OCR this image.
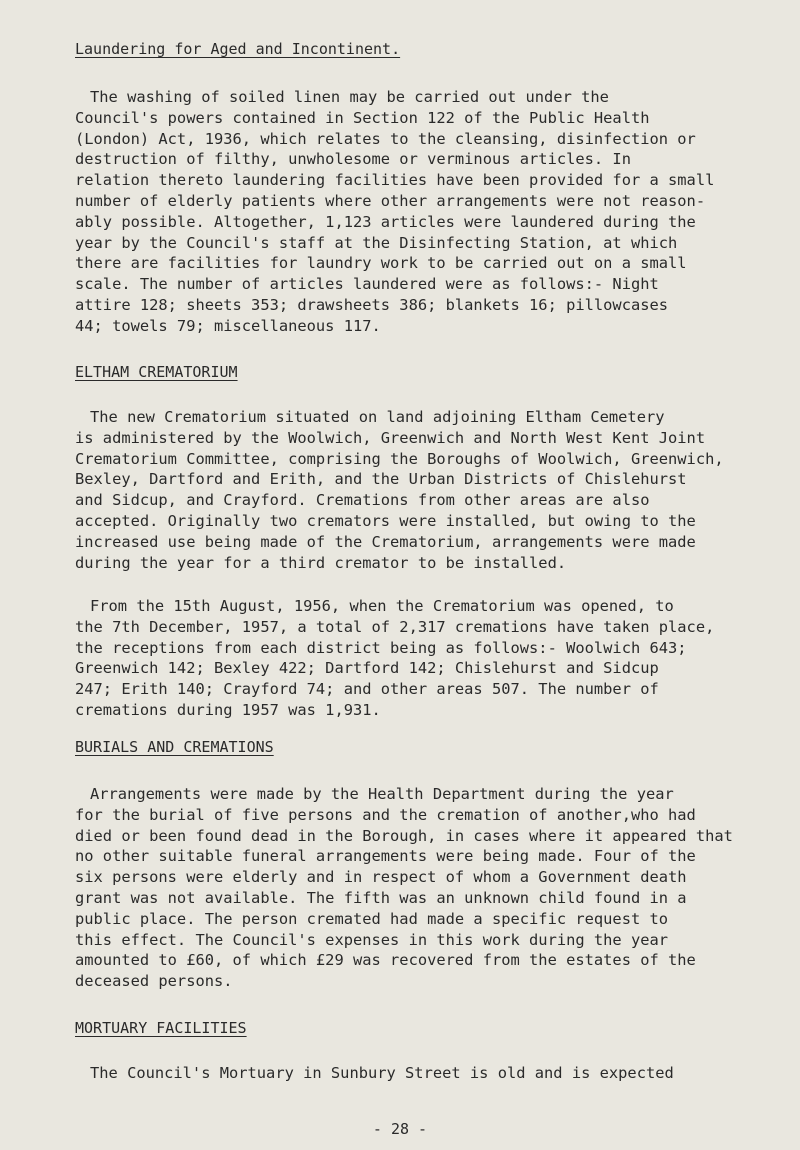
Laundering for Aged and Incontinent.
The washing of soiled linen may be carried out under the
Council's powers contained in Section 122 of the Public Health
(London) Act, 1936, which relates to the cleansing, disinfection or
destruction of filthy, unwholesome or verminous articles. In
relation thereto laundering facilities have been provided for a small
number of elderly patients where other arrangements were not reason-
ably possible. Altogether, 1,123 articles were laundered during the
year by the Council's staff at the Disinfecting Station, at which
there are facilities for laundry work to be carried out on a small
scale. The number of articles laundered were as follows:- Night
attire 128; sheets 353; drawsheets 386; blankets 16; pillowcases
44; towels 79; miscellaneous 117.
ELTHAM CREMATORIUM
The new Crematorium situated on land adjoining Eltham Cemetery
is administered by the Woolwich, Greenwich and North West Kent Joint
Crematorium Committee, comprising the Boroughs of Woolwich, Greenwich,
Bexley, Dartford and Erith, and the Urban Districts of Chislehurst
and Sidcup, and Crayford. Cremations from other areas are also
accepted. Originally two cremators were installed, but owing to the
increased use being made of the Crematorium, arrangements were made
during the year for a third cremator to be installed.
From the 15th August, 1956, when the Crematorium was opened, to
the 7th December, 1957, a total of 2,317 cremations have taken place,
the receptions from each district being as follows:- Woolwich 643;
Greenwich 142; Bexley 422; Dartford 142; Chislehurst and Sidcup
247; Erith 140; Crayford 74; and other areas 507. The number of
cremations during 1957 was 1,931.
BURIALS AND CREMATIONS
Arrangements were made by the Health Department during the year
for the burial of five persons and the cremation of another,who had
died or been found dead in the Borough, in cases where it appeared that
no other suitable funeral arrangements were being made. Four of the
six persons were elderly and in respect of whom a Government death
grant was not available. The fifth was an unknown child found in a
public place. The person cremated had made a specific request to
this effect. The Council's expenses in this work during the year
amounted to £60, of which £29 was recovered from the estates of the
deceased persons.
MORTUARY FACILITIES
The Council's Mortuary in Sunbury Street is old and is expected
- 28 -
